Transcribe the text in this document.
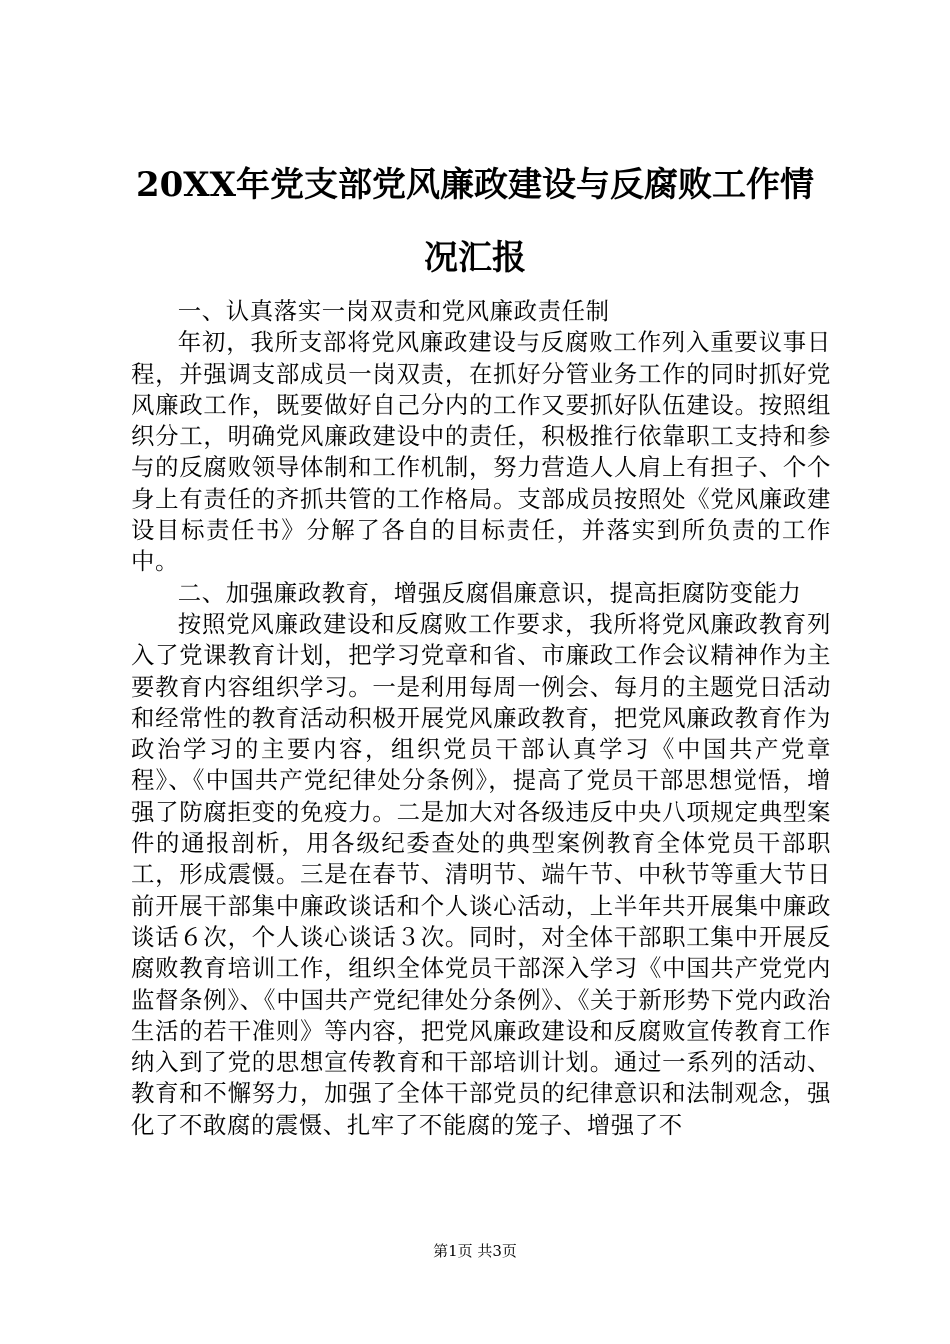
20XX年党支部党风廉政建设与反腐败工作情
况汇报

一、认真落实一岗双责和党风廉政责任制

年初，我所支部将党风廉政建设与反腐败工作列入重要议事日程，并强调支部成员一岗双责，在抓好分管业务工作的同时抓好党风廉政工作，既要做好自己分内的工作又要抓好队伍建设。按照组织分工，明确党风廉政建设中的责任，积极推行依靠职工支持和参与的反腐败领导体制和工作机制，努力营造人人肩上有担子、个个身上有责任的齐抓共管的工作格局。支部成员按照处《党风廉政建设目标责任书》分解了各自的目标责任，并落实到所负责的工作中。

二、加强廉政教育，增强反腐倡廉意识，提高拒腐防变能力

按照党风廉政建设和反腐败工作要求，我所将党风廉政教育列入了党课教育计划，把学习党章和省、市廉政工作会议精神作为主要教育内容组织学习。一是利用每周一例会、每月的主题党日活动和经常性的教育活动积极开展党风廉政教育，把党风廉政教育作为政治学习的主要内容，组织党员干部认真学习《中国共产党章程》、《中国共产党纪律处分条例》，提高了党员干部思想觉悟，增强了防腐拒变的免疫力。二是加大对各级违反中央八项规定典型案件的通报剖析，用各级纪委查处的典型案例教育全体党员干部职工，形成震慑。三是在春节、清明节、端午节、中秋节等重大节日前开展干部集中廉政谈话和个人谈心活动，上半年共开展集中廉政谈话６次，个人谈心谈话３次。同时，对全体干部职工集中开展反腐败教育培训工作，组织全体党员干部深入学习《中国共产党党内监督条例》、《中国共产党纪律处分条例》、《关于新形势下党内政治生活的若干准则》等内容，把党风廉政建设和反腐败宣传教育工作纳入到了党的思想宣传教育和干部培训计划。通过一系列的活动、教育和不懈努力，加强了全体干部党员的纪律意识和法制观念，强化了不敢腐的震慑、扎牢了不能腐的笼子、增强了不

第1页 共3页
